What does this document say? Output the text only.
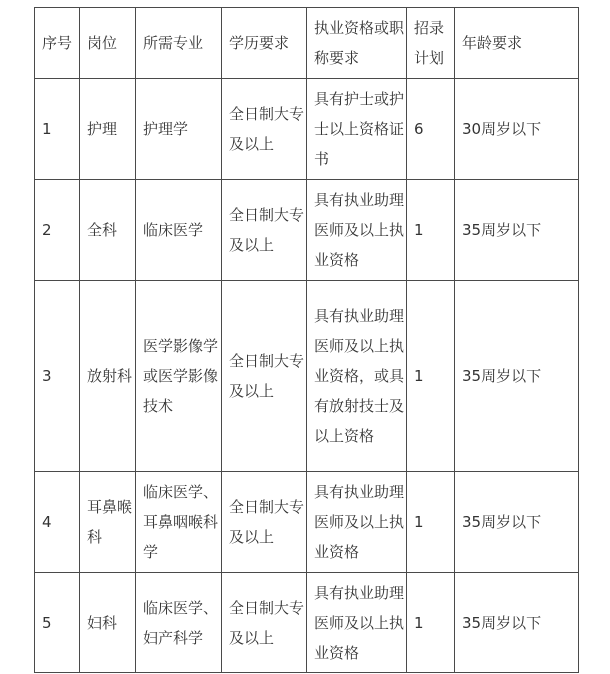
序号	岗位	所需专业	学历要求	执业资格或职称要求	招录计划	年龄要求

1	护理	护理学	全日制大专及以上	具有护士或护士以上资格证书	6	30周岁以下

2	全科	临床医学	全日制大专及以上	具有执业助理医师及以上执业资格	1	35周岁以下

3	放射科	医学影像学或医学影像技术	全日制大专及以上	具有执业助理医师及以上执业资格，或具有放射技士及以上资格	1	35周岁以下

4	耳鼻喉科	临床医学、耳鼻咽喉科学	全日制大专及以上	具有执业助理医师及以上执业资格	1	35周岁以下

5	妇科	临床医学、妇产科学	全日制大专及以上	具有执业助理医师及以上执业资格	1	35周岁以下
